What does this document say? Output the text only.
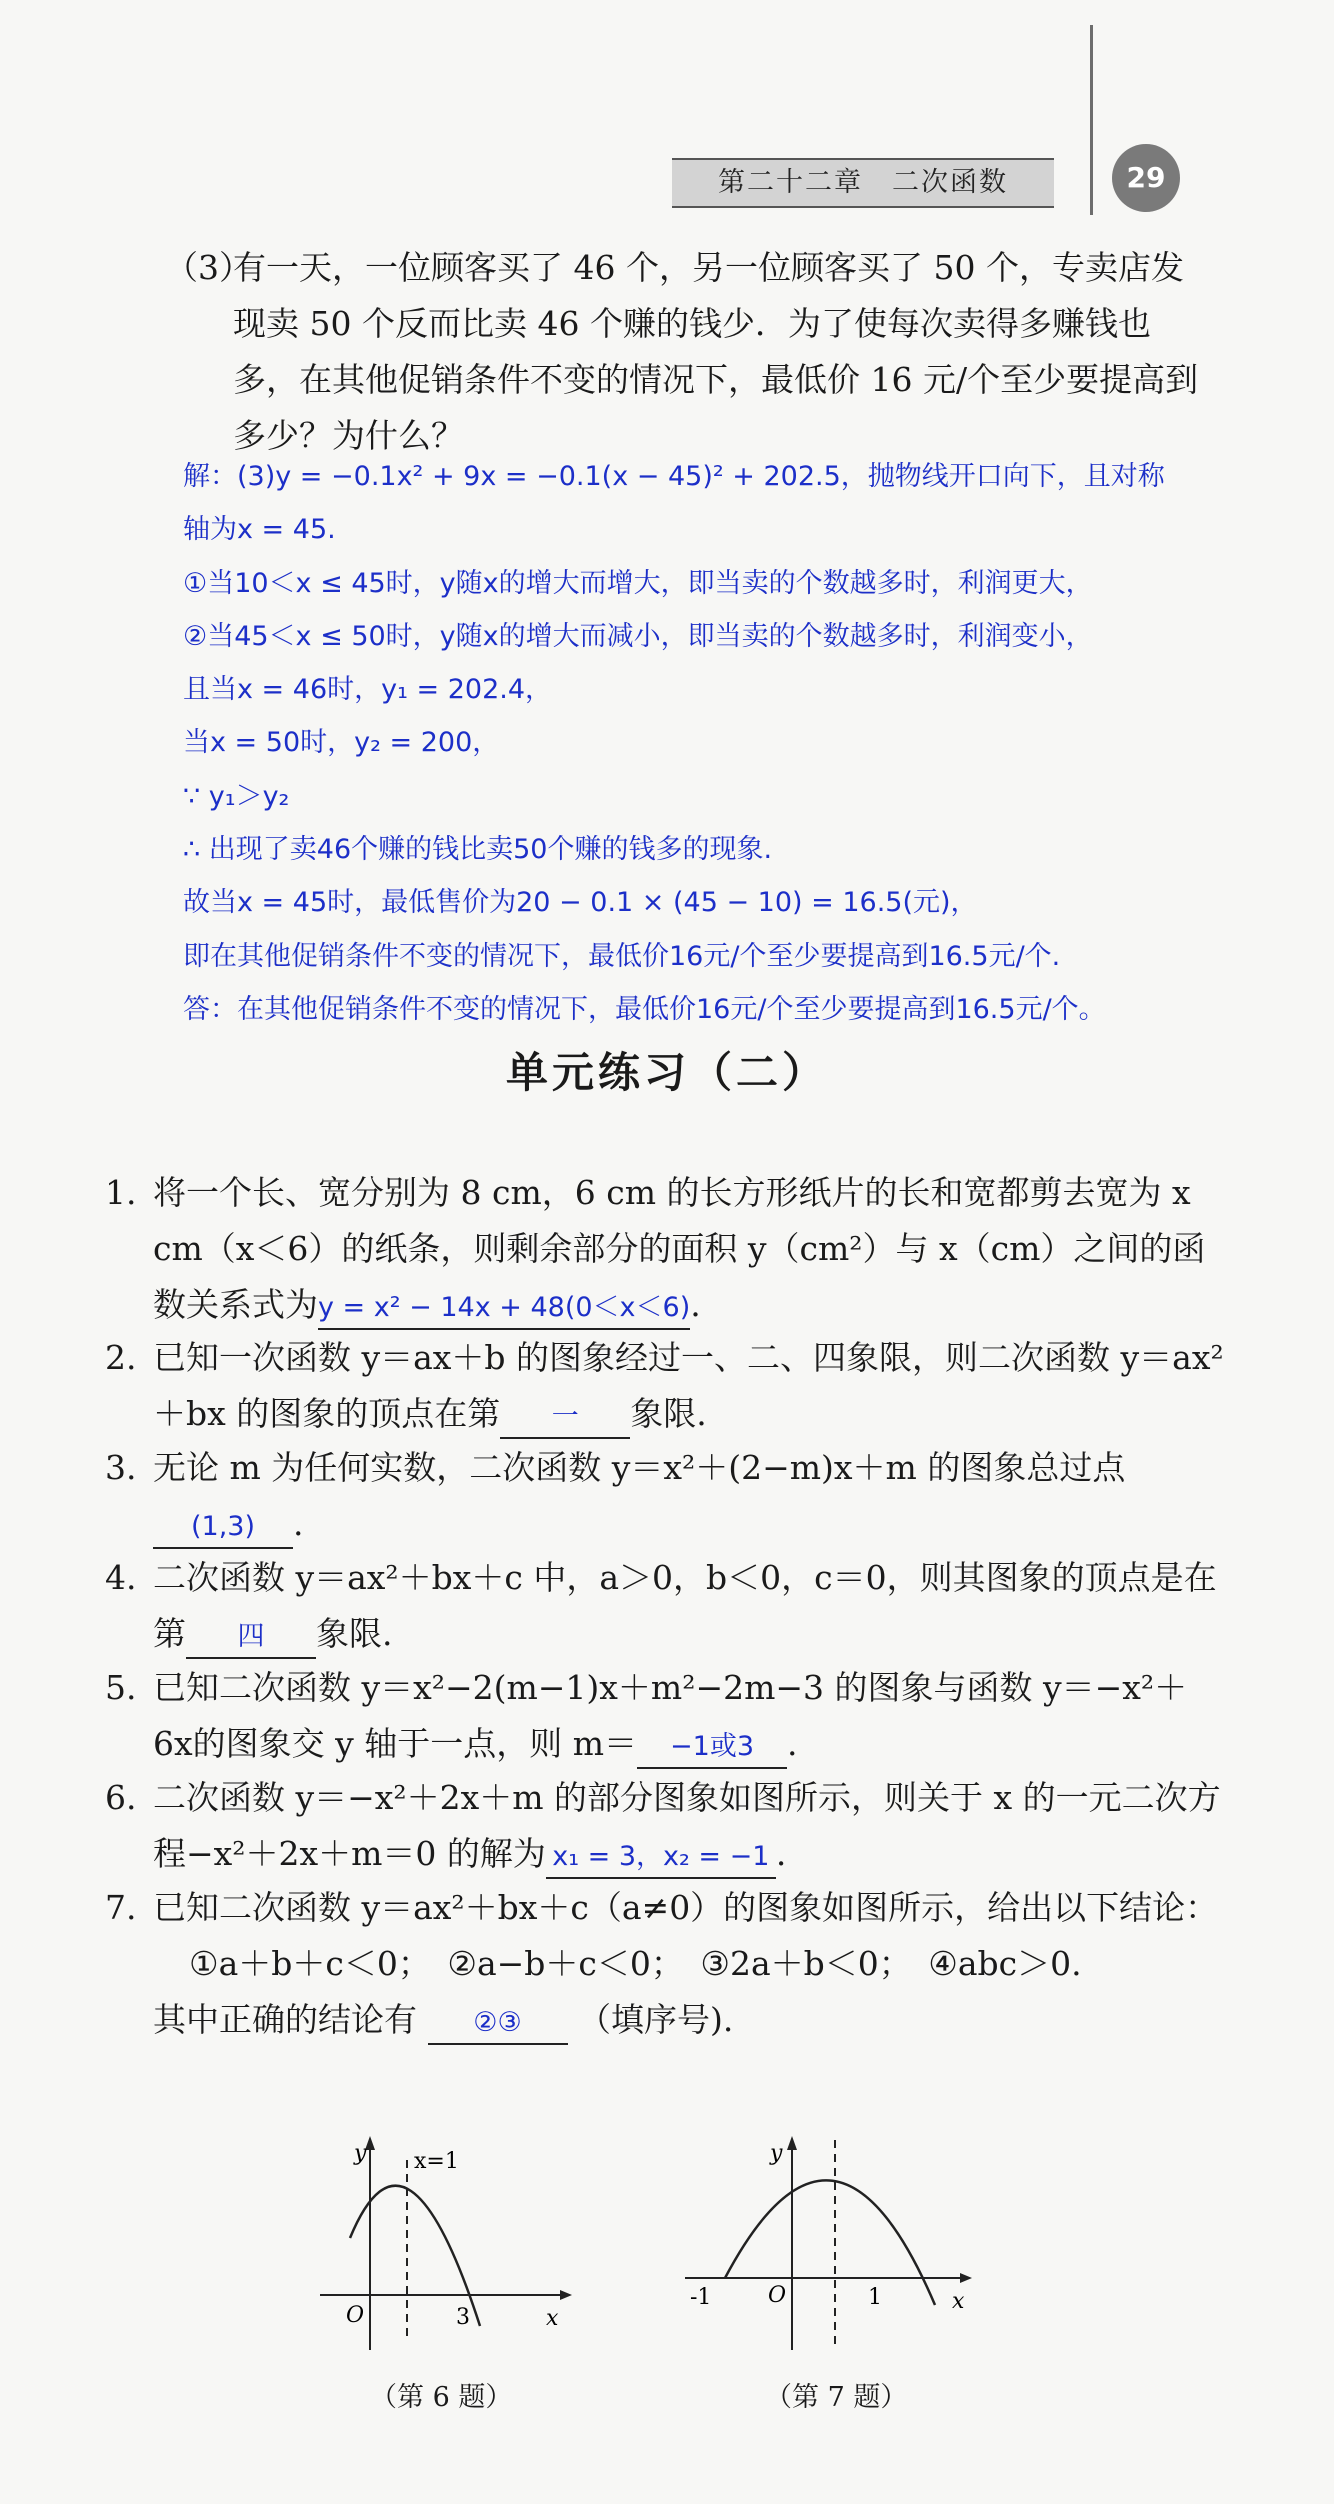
第二十二章　二次函数	29
（3）
有一天，一位顾客买了 46 个，另一位顾客买了 50 个，专卖店发现卖 50 个反而比卖 46 个赚的钱少．为了使每次卖得多赚钱也多，在其他促销条件不变的情况下，最低价 16 元/个至少要提高到多少？为什么？
解：(3)y = −0.1x² + 9x = −0.1(x − 45)² + 202.5，抛物线开口向下，且对称
轴为x = 45.
①当10＜x ≤ 45时，y随x的增大而增大，即当卖的个数越多时，利润更大，
②当45＜x ≤ 50时，y随x的增大而减小，即当卖的个数越多时，利润变小，
且当x = 46时，y₁ = 202.4，
当x = 50时，y₂ = 200，
∵ y₁＞y₂
∴ 出现了卖46个赚的钱比卖50个赚的钱多的现象.
故当x = 45时，最低售价为20 − 0.1 × (45 − 10) = 16.5(元)，
即在其他促销条件不变的情况下，最低价16元/个至少要提高到16.5元/个.
答：在其他促销条件不变的情况下，最低价16元/个至少要提高到16.5元/个。
单元练习（二）
1. 将一个长、宽分别为 8 cm，6 cm 的长方形纸片的长和宽都剪去宽为 x cm（x＜6）的纸条，则剩余部分的面积 y（cm²）与 x（cm）之间的函数关系式为y = x² − 14x + 48(0＜x＜6).
2. 已知一次函数 y＝ax＋b 的图象经过一、二、四象限，则二次函数 y＝ax²＋bx 的图象的顶点在第 一 象限.
3. 无论 m 为任何实数，二次函数 y＝x²＋(2−m)x＋m 的图象总过点(1,3) .
4. 二次函数 y＝ax²＋bx＋c 中，a＞0，b＜0，c＝0，则其图象的顶点是在第 四 象限.
5. 已知二次函数 y＝x²−2(m−1)x＋m²−2m−3 的图象与函数 y＝−x²＋6x的图象交 y 轴于一点，则 m＝ −1或3 .
6. 二次函数 y＝−x²＋2x＋m 的部分图象如图所示，则关于 x 的一元二次方程−x²＋2x＋m＝0 的解为 x₁ = 3，x₂ = −1 .
7. 已知二次函数 y＝ax²＋bx＋c（a≠0）的图象如图所示，给出以下结论：
①a＋b＋c＜0；　②a−b＋c＜0；　③2a＋b＜0；　④abc＞0.
其中正确的结论有 ②③ （填序号).
y
x
O
x=1
3
（第 6 题）
y
x
O
-1	1
（第 7 题）
